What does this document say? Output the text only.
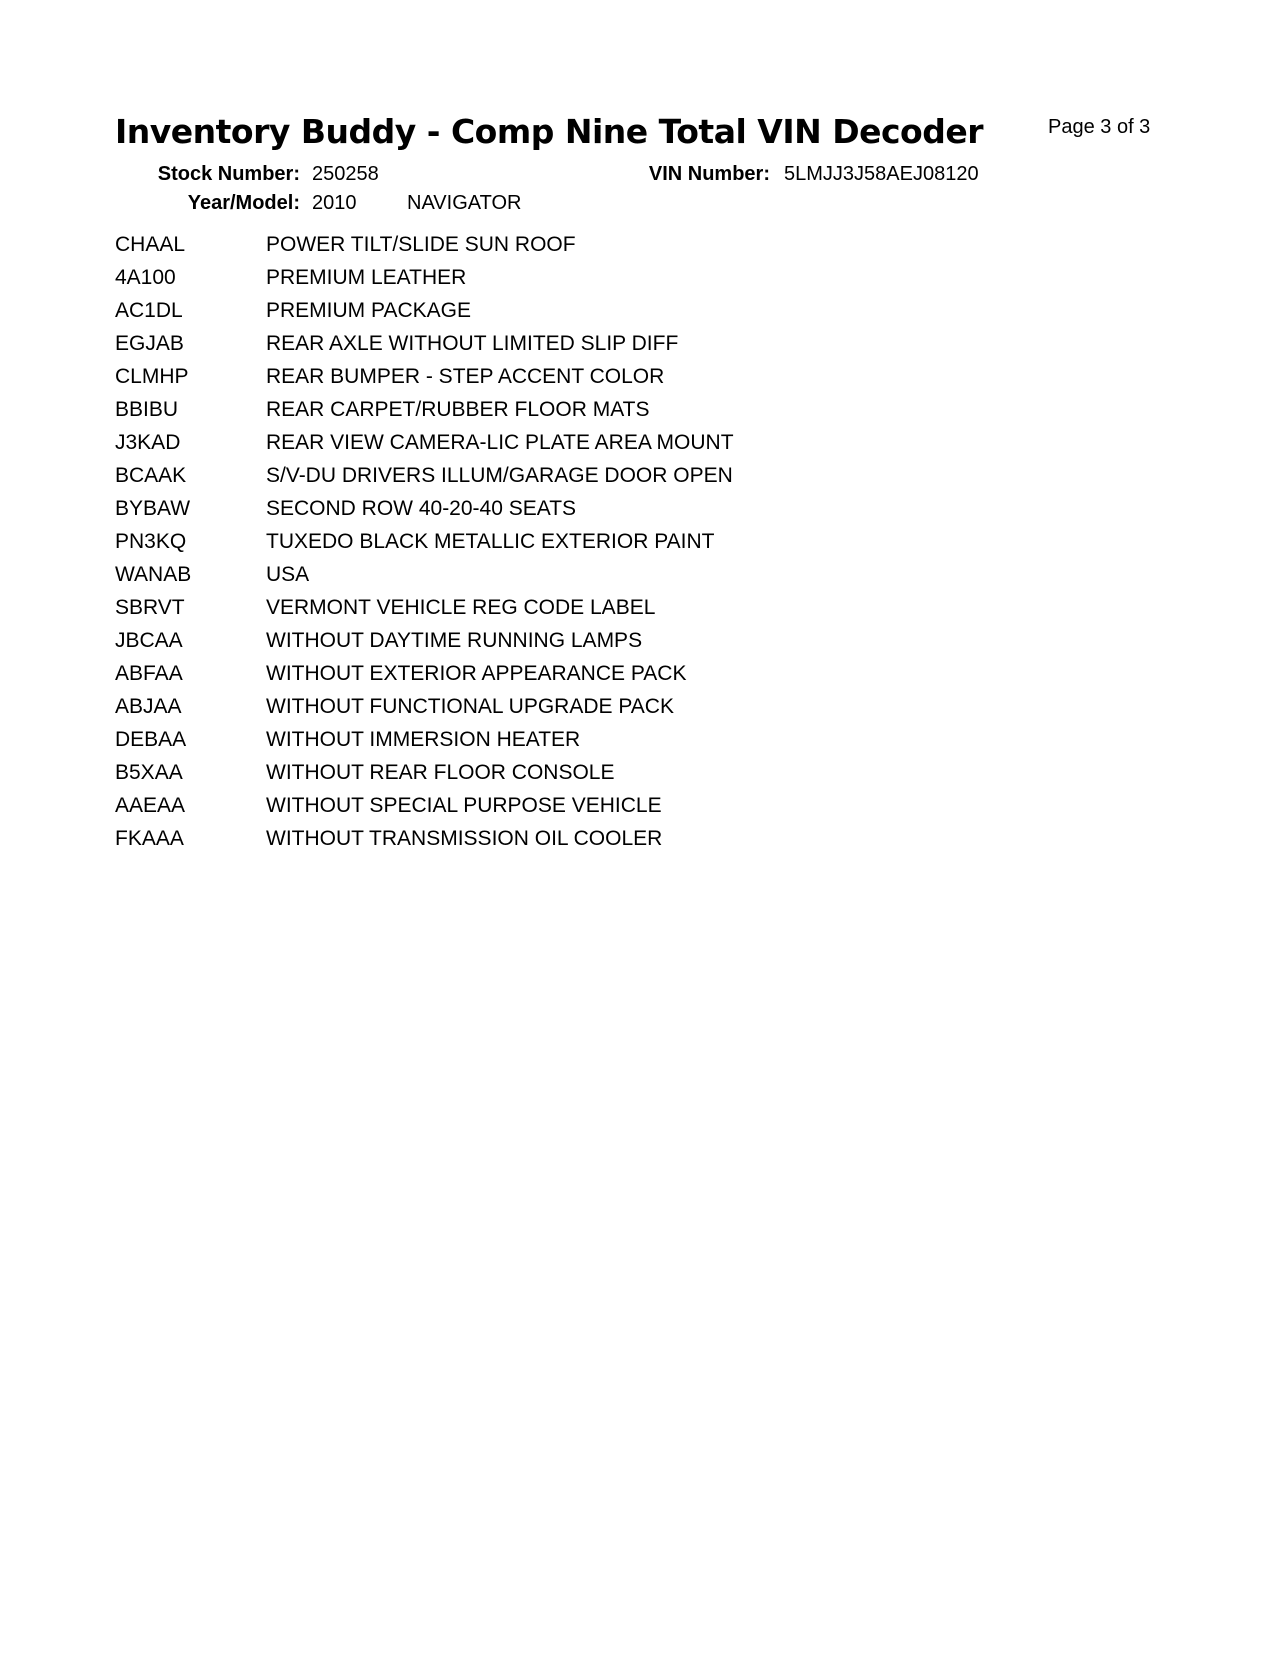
Inventory Buddy - Comp Nine Total VIN Decoder	Page 3 of 3
Stock Number: 250258	VIN Number: 5LMJJ3J58AEJ08120
Year/Model: 2010	NAVIGATOR
CHAAL	POWER TILT/SLIDE SUN ROOF
4A100	PREMIUM LEATHER
AC1DL	PREMIUM PACKAGE
EGJAB	REAR AXLE WITHOUT LIMITED SLIP DIFF
CLMHP	REAR BUMPER - STEP ACCENT COLOR
BBIBU	REAR CARPET/RUBBER FLOOR MATS
J3KAD	REAR VIEW CAMERA-LIC PLATE AREA MOUNT
BCAAK	S/V-DU DRIVERS ILLUM/GARAGE DOOR OPEN
BYBAW	SECOND ROW 40-20-40 SEATS
PN3KQ	TUXEDO BLACK METALLIC EXTERIOR PAINT
WANAB	USA
SBRVT	VERMONT VEHICLE REG CODE LABEL
JBCAA	WITHOUT DAYTIME RUNNING LAMPS
ABFAA	WITHOUT EXTERIOR APPEARANCE PACK
ABJAA	WITHOUT FUNCTIONAL UPGRADE PACK
DEBAA	WITHOUT IMMERSION HEATER
B5XAA	WITHOUT REAR FLOOR CONSOLE
AAEAA	WITHOUT SPECIAL PURPOSE VEHICLE
FKAAA	WITHOUT TRANSMISSION OIL COOLER
